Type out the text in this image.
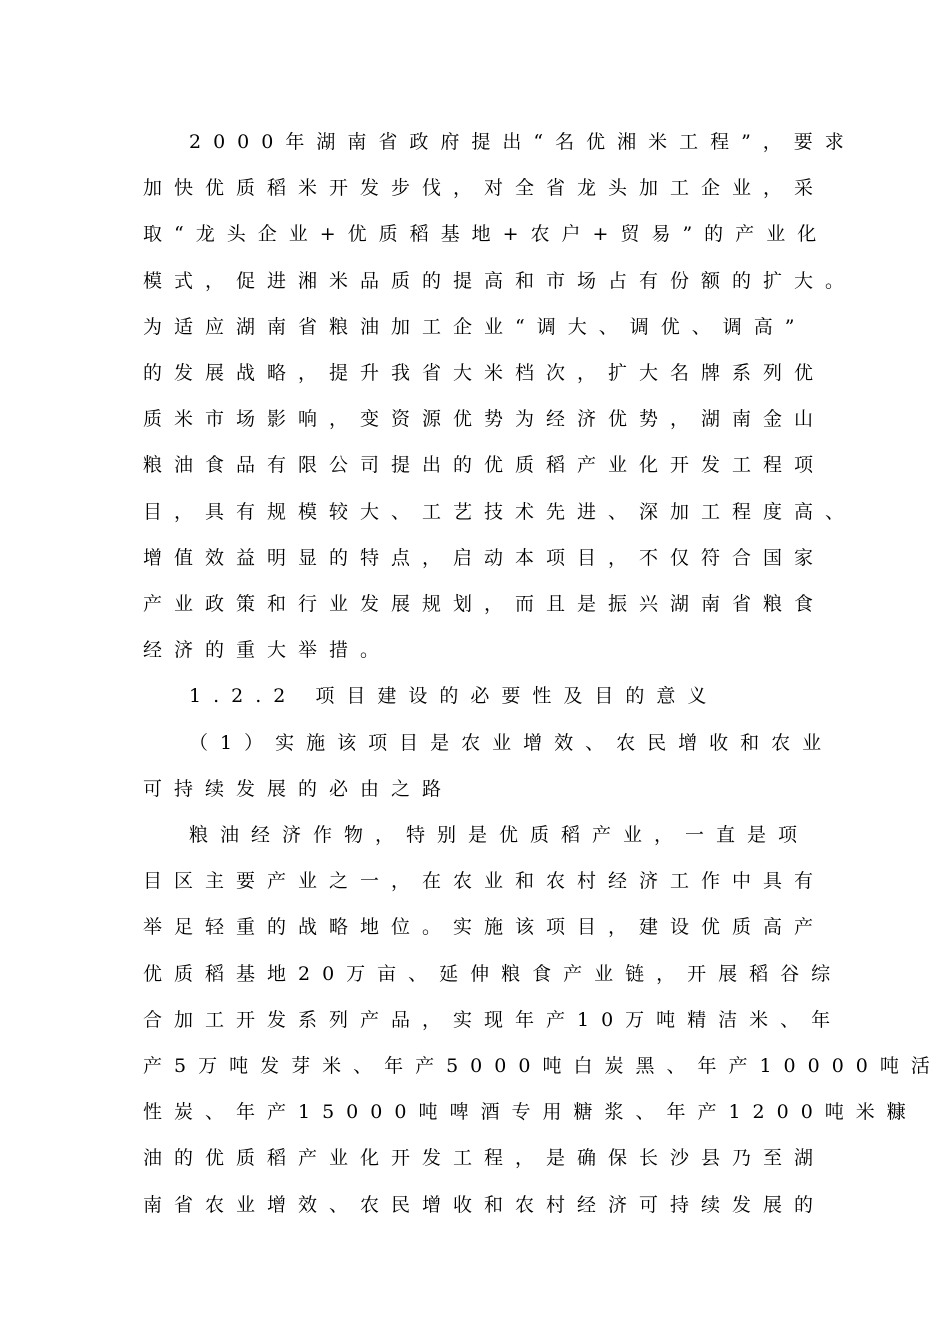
2000年湖南省政府提出“名优湘米工程”，要求
加快优质稻米开发步伐，对全省龙头加工企业，采
取“龙头企业+优质稻基地+农户+贸易”的产业化
模式，促进湘米品质的提高和市场占有份额的扩大。
为适应湖南省粮油加工企业“调大、调优、调高”
的发展战略，提升我省大米档次，扩大名牌系列优
质米市场影响，变资源优势为经济优势，湖南金山
粮油食品有限公司提出的优质稻产业化开发工程项
目，具有规模较大、工艺技术先进、深加工程度高、
增值效益明显的特点，启动本项目，不仅符合国家
产业政策和行业发展规划，而且是振兴湖南省粮食
经济的重大举措。
1.2.2 项目建设的必要性及目的意义
（1）实施该项目是农业增效、农民增收和农业
可持续发展的必由之路
粮油经济作物，特别是优质稻产业，一直是项
目区主要产业之一，在农业和农村经济工作中具有
举足轻重的战略地位。实施该项目，建设优质高产
优质稻基地20万亩、延伸粮食产业链，开展稻谷综
合加工开发系列产品，实现年产10万吨精洁米、年
产5万吨发芽米、年产5000吨白炭黑、年产10000吨活
性炭、年产15000吨啤酒专用糖浆、年产1200吨米糠
油的优质稻产业化开发工程，是确保长沙县乃至湖
南省农业增效、农民增收和农村经济可持续发展的
